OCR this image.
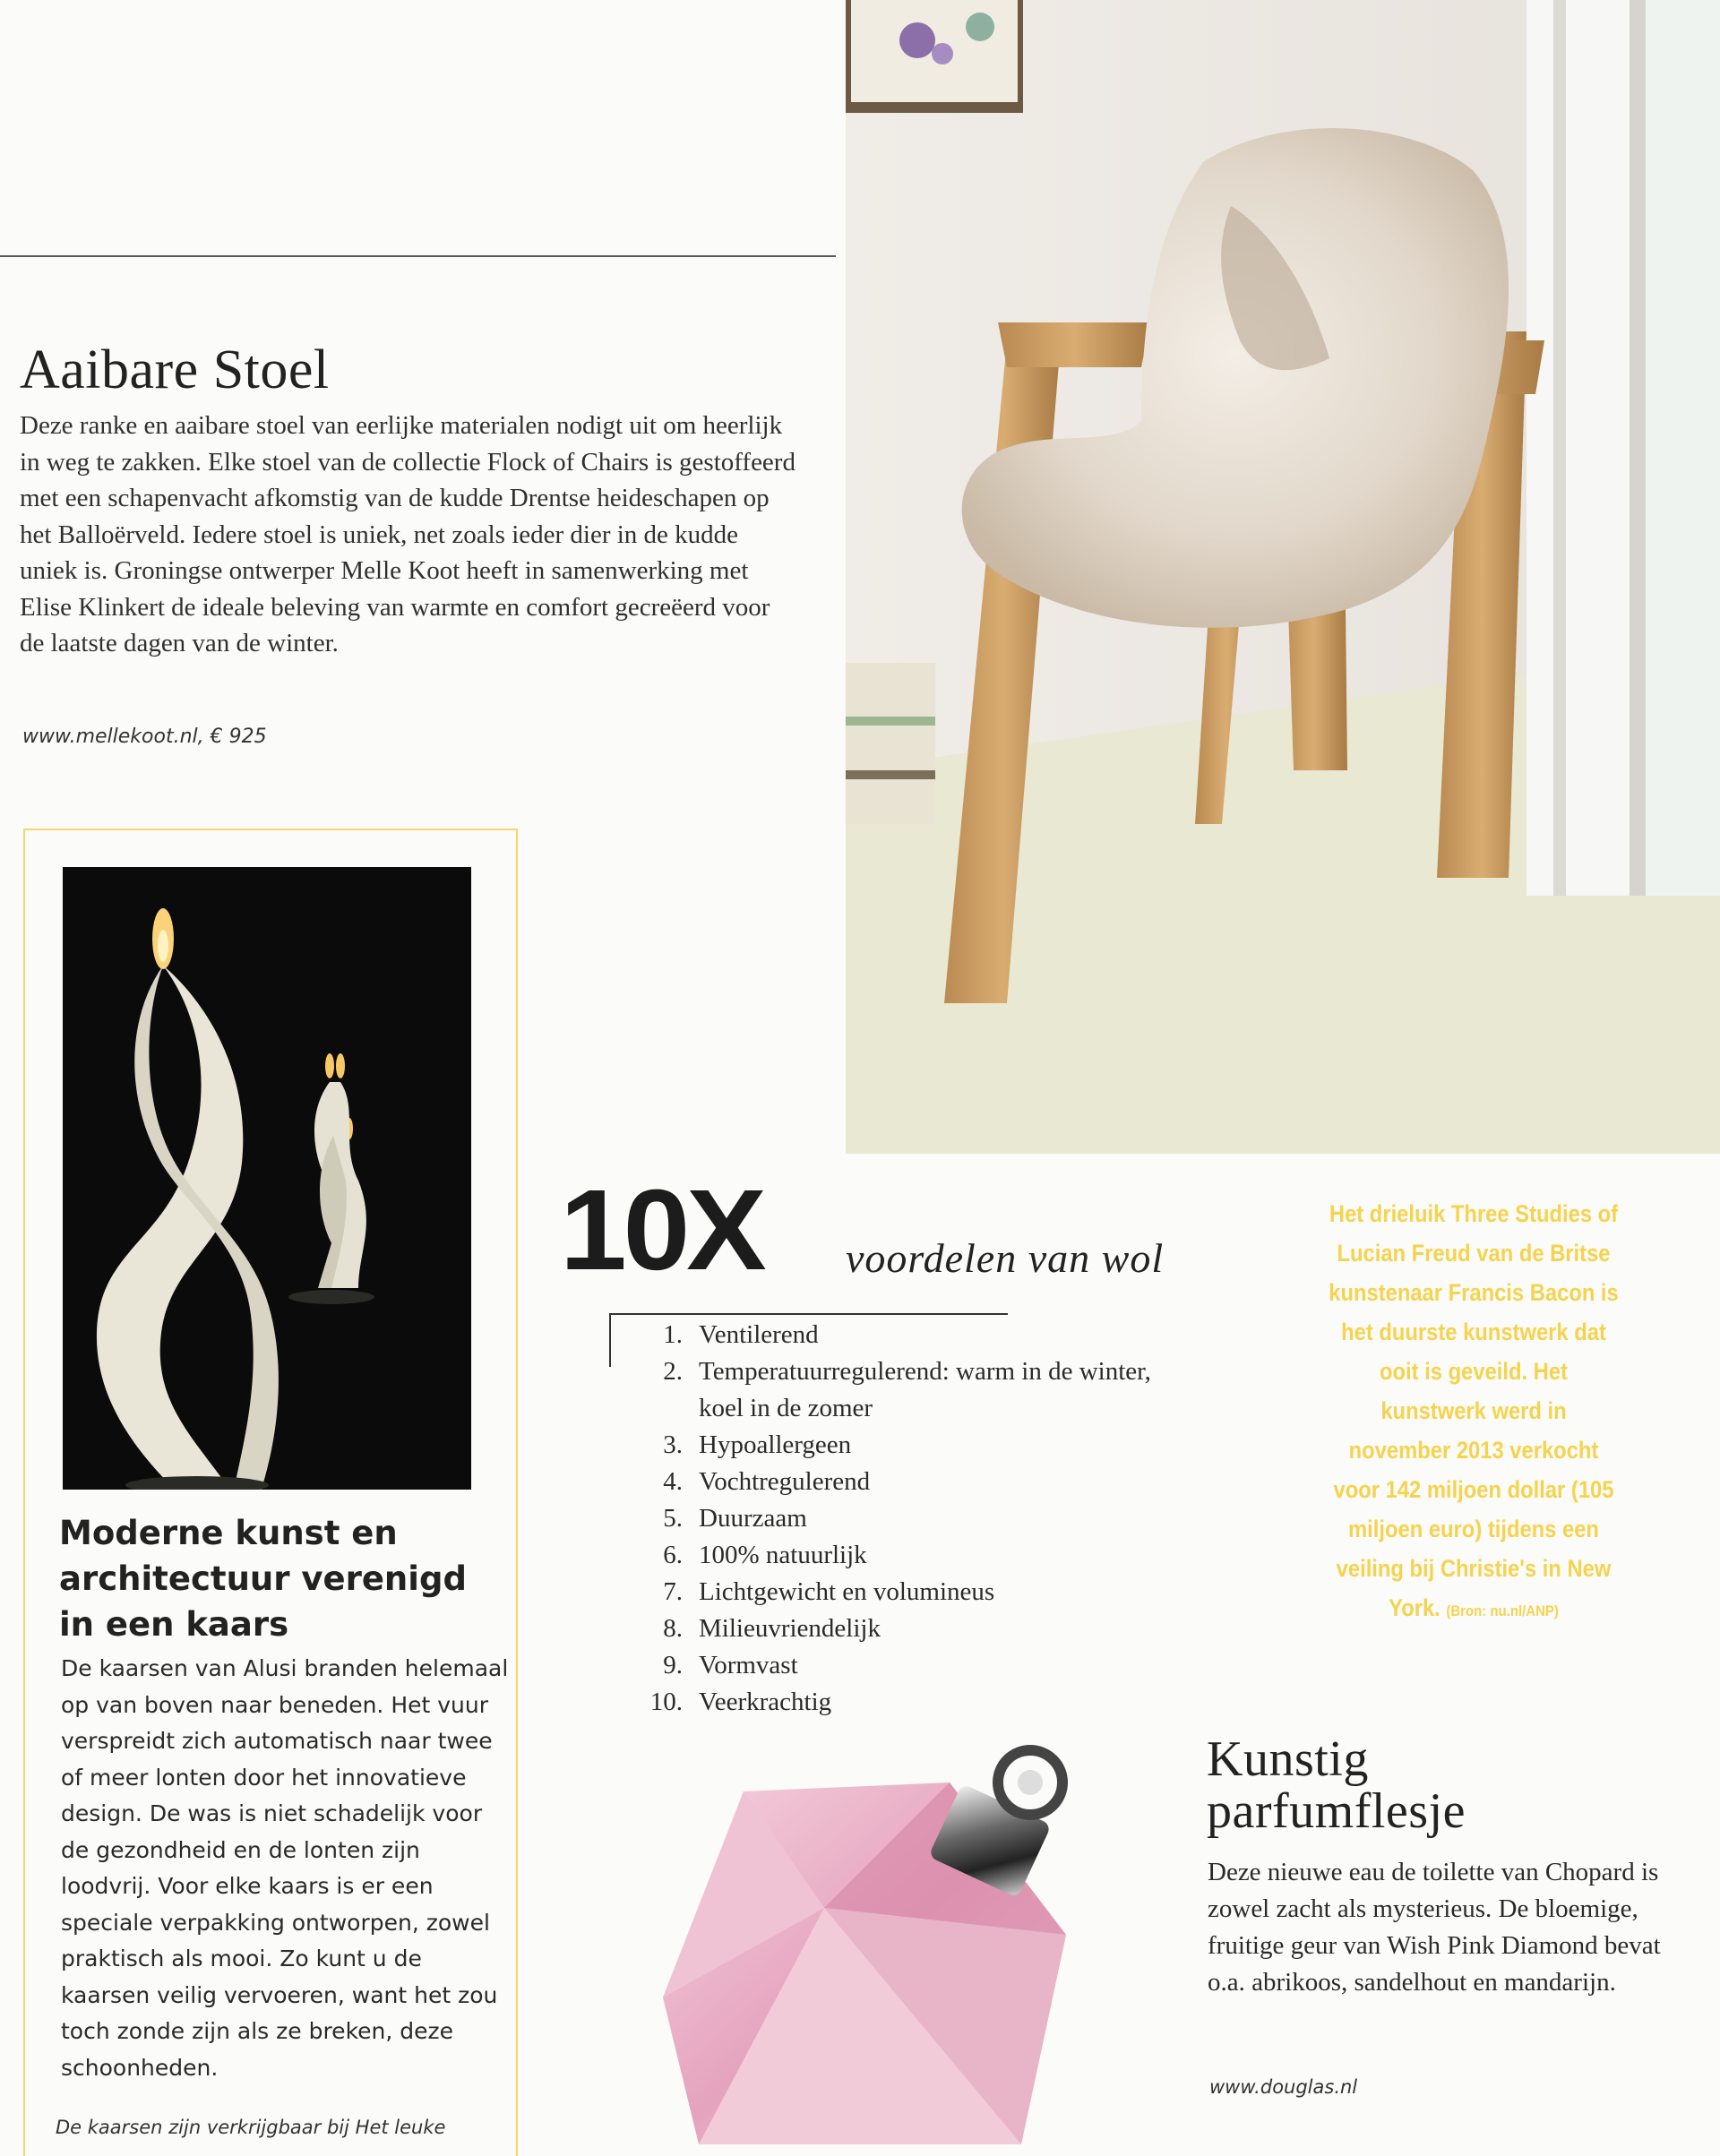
Aaibare Stoel
Deze ranke en aaibare stoel van eerlijke materialen nodigt uit om heerlijk in weg te zakken. Elke stoel van de collectie Flock of Chairs is gestoffeerd met een schapenvacht afkomstig van de kudde Drentse heideschapen op het Balloërveld. Iedere stoel is uniek, net zoals ieder dier in de kudde uniek is. Groningse ontwerper Melle Koot heeft in samenwerking met Elise Klinkert de ideale beleving van warmte en comfort gecreëerd voor de laatste dagen van de winter.
www.mellekoot.nl, € 925
Moderne kunst en architectuur verenigd in een kaars
De kaarsen van Alusi branden helemaal op van boven naar beneden. Het vuur verspreidt zich automatisch naar twee of meer lonten door het innovatieve design. De was is niet schadelijk voor de gezondheid en de lonten zijn loodvrij. Voor elke kaars is er een speciale verpakking ontworpen, zowel praktisch als mooi. Zo kunt u de kaarsen veilig vervoeren, want het zou toch zonde zijn als ze breken, deze schoonheden.
De kaarsen zijn verkrijgbaar bij Het leuke
10X voordelen van wol
1. Ventilerend
2. Temperatuurregulerend: warm in de winter, koel in de zomer
3. Hypoallergeen
4. Vochtregulerend
5. Duurzaam
6. 100% natuurlijk
7. Lichtgewicht en volumineus
8. Milieuvriendelijk
9. Vormvast
10. Veerkrachtig
Het drieluik Three Studies of Lucian Freud van de Britse kunstenaar Francis Bacon is het duurste kunstwerk dat ooit is geveild. Het kunstwerk werd in november 2013 verkocht voor 142 miljoen dollar (105 miljoen euro) tijdens een veiling bij Christie's in New York. (Bron: nu.nl/ANP)
Kunstig
parfumflesje
Deze nieuwe eau de toilette van Chopard is zowel zacht als mysterieus. De bloemige, fruitige geur van Wish Pink Diamond bevat o.a. abrikoos, sandelhout en mandarijn.
www.douglas.nl
